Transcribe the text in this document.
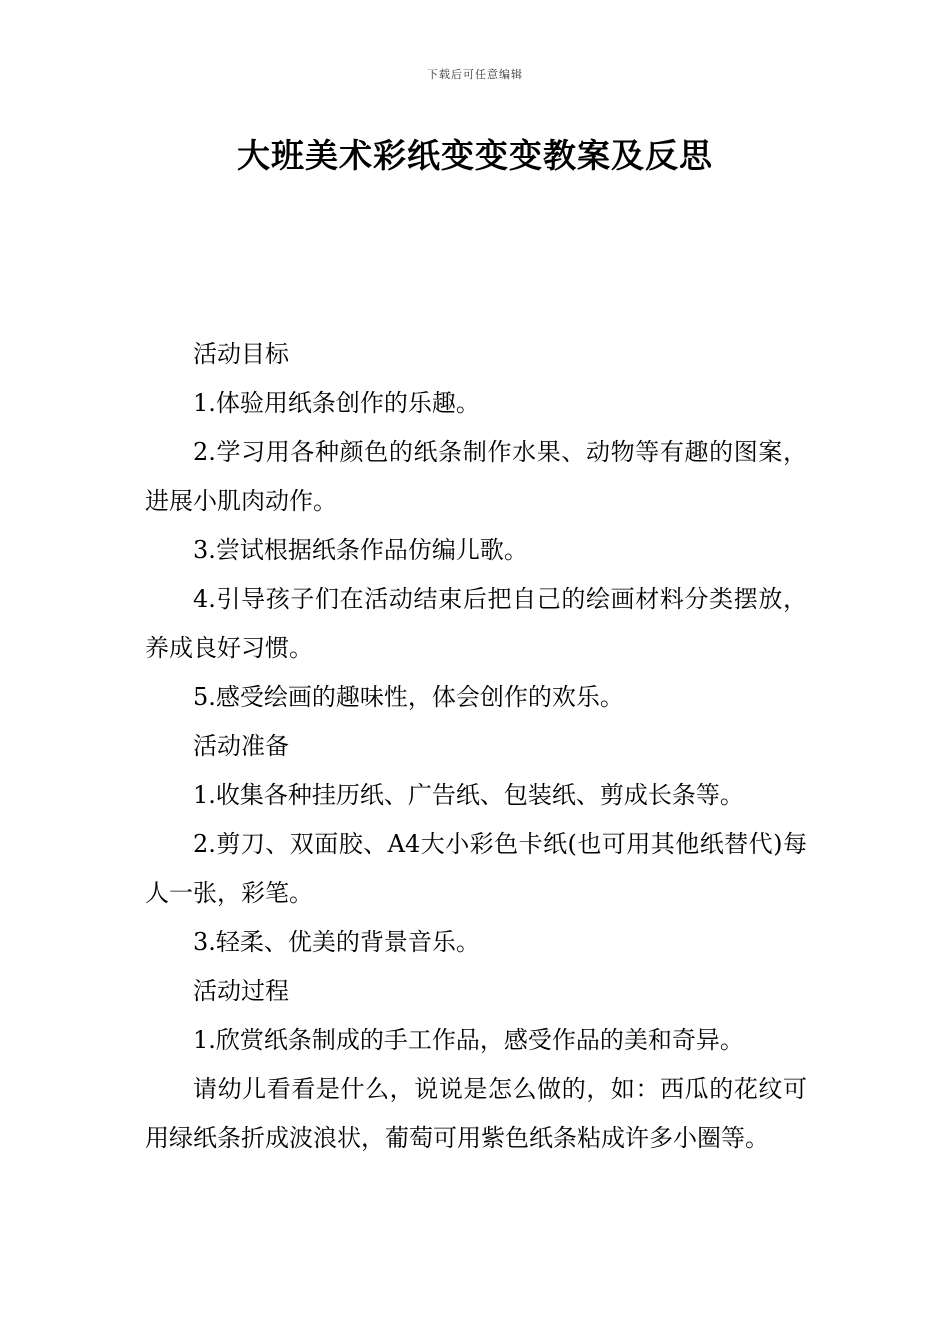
下载后可任意编辑
大班美术彩纸变变变教案及反思

活动目标

1.体验用纸条创作的乐趣。

2.学习用各种颜色的纸条制作水果、动物等有趣的图案，进展小肌肉动作。

3.尝试根据纸条作品仿编儿歌。

4.引导孩子们在活动结束后把自己的绘画材料分类摆放，养成良好习惯。

5.感受绘画的趣味性，体会创作的欢乐。

活动准备

1.收集各种挂历纸、广告纸、包装纸、剪成长条等。

2.剪刀、双面胶、A4大小彩色卡纸(也可用其他纸替代)每人一张，彩笔。

3.轻柔、优美的背景音乐。

活动过程

1.欣赏纸条制成的手工作品，感受作品的美和奇异。

请幼儿看看是什么，说说是怎么做的，如：西瓜的花纹可用绿纸条折成波浪状，葡萄可用紫色纸条粘成许多小圈等。
